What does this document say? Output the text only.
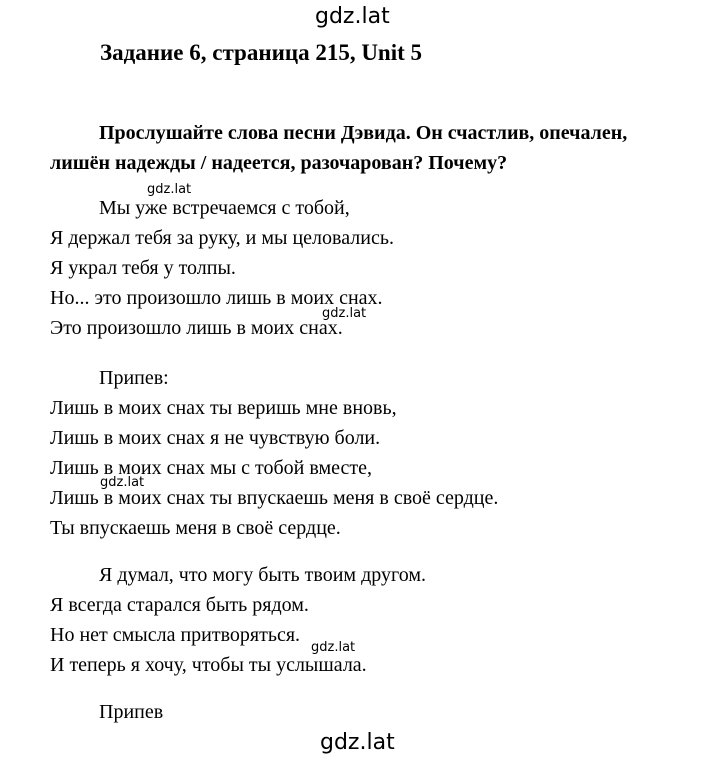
gdz.lat
Задание 6, страница 215, Unit 5
Прослушайте слова песни Дэвида. Он счастлив, опечален,
лишён надежды / надеется, разочарован? Почему?
Мы уже встречаемся с тобой,
Я держал тебя за руку, и мы целовались.
Я украл тебя у толпы.
Но... это произошло лишь в моих снах.
Это произошло лишь в моих снах.
Припев:
Лишь в моих снах ты веришь мне вновь,
Лишь в моих снах я не чувствую боли.
Лишь в моих снах мы с тобой вместе,
Лишь в моих снах ты впускаешь меня в своё сердце.
Ты впускаешь меня в своё сердце.
Я думал, что могу быть твоим другом.
Я всегда старался быть рядом.
Но нет смысла притворяться.
И теперь я хочу, чтобы ты услышала.
Припев
gdz.lat
gdz.lat
gdz.lat
gdz.lat
gdz.lat
